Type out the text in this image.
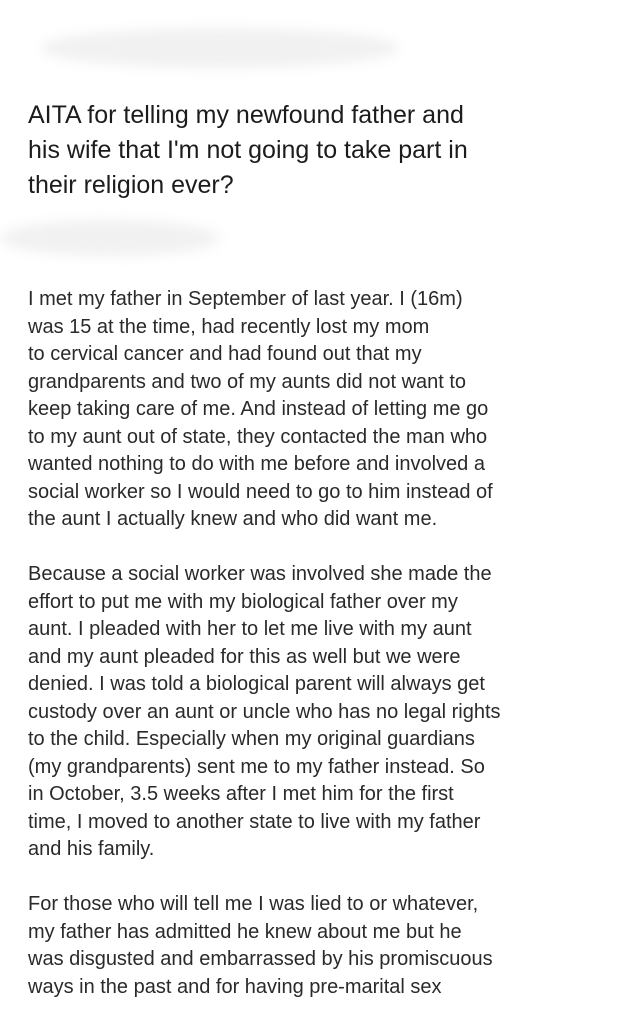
AITA for telling my newfound father and
his wife that I'm not going to take part in
their religion ever?

I met my father in September of last year. I (16m)
was 15 at the time, had recently lost my mom
to cervical cancer and had found out that my
grandparents and two of my aunts did not want to
keep taking care of me. And instead of letting me go
to my aunt out of state, they contacted the man who
wanted nothing to do with me before and involved a
social worker so I would need to go to him instead of
the aunt I actually knew and who did want me.

Because a social worker was involved she made the
effort to put me with my biological father over my
aunt. I pleaded with her to let me live with my aunt
and my aunt pleaded for this as well but we were
denied. I was told a biological parent will always get
custody over an aunt or uncle who has no legal rights
to the child. Especially when my original guardians
(my grandparents) sent me to my father instead. So
in October, 3.5 weeks after I met him for the first
time, I moved to another state to live with my father
and his family.

For those who will tell me I was lied to or whatever,
my father has admitted he knew about me but he
was disgusted and embarrassed by his promiscuous
ways in the past and for having pre-marital sex
